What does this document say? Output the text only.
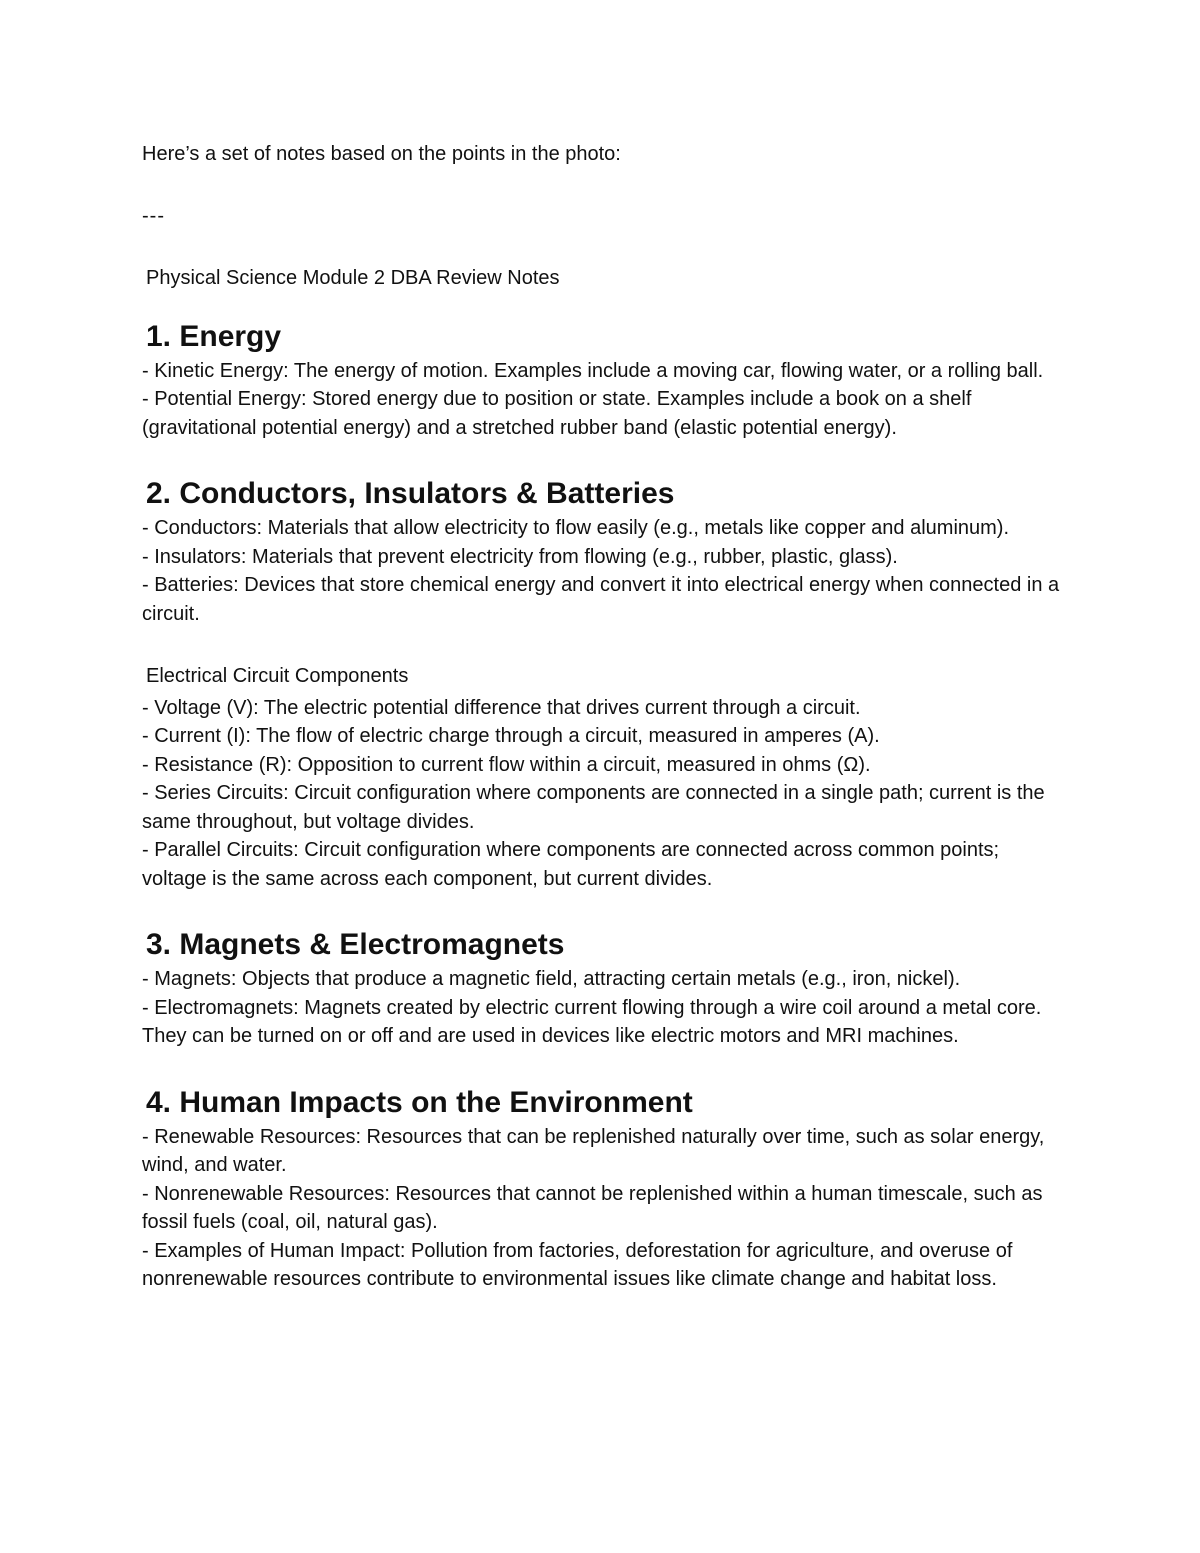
Here’s a set of notes based on the points in the photo:

---

Physical Science Module 2 DBA Review Notes

1. Energy
- Kinetic Energy: The energy of motion. Examples include a moving car, flowing water, or a rolling ball.
- Potential Energy: Stored energy due to position or state. Examples include a book on a shelf (gravitational potential energy) and a stretched rubber band (elastic potential energy).
2. Conductors, Insulators & Batteries
- Conductors: Materials that allow electricity to flow easily (e.g., metals like copper and aluminum).
- Insulators: Materials that prevent electricity from flowing (e.g., rubber, plastic, glass).
- Batteries: Devices that store chemical energy and convert it into electrical energy when connected in a circuit.

Electrical Circuit Components

- Voltage (V): The electric potential difference that drives current through a circuit.
- Current (I): The flow of electric charge through a circuit, measured in amperes (A).
- Resistance (R): Opposition to current flow within a circuit, measured in ohms (Ω).
- Series Circuits: Circuit configuration where components are connected in a single path; current is the same throughout, but voltage divides.
- Parallel Circuits: Circuit configuration where components are connected across common points; voltage is the same across each component, but current divides.
3. Magnets & Electromagnets
- Magnets: Objects that produce a magnetic field, attracting certain metals (e.g., iron, nickel).
- Electromagnets: Magnets created by electric current flowing through a wire coil around a metal core. They can be turned on or off and are used in devices like electric motors and MRI machines.
4. Human Impacts on the Environment
- Renewable Resources: Resources that can be replenished naturally over time, such as solar energy, wind, and water.
- Nonrenewable Resources: Resources that cannot be replenished within a human timescale, such as fossil fuels (coal, oil, natural gas).
- Examples of Human Impact: Pollution from factories, deforestation for agriculture, and overuse of nonrenewable resources contribute to environmental issues like climate change and habitat loss.
